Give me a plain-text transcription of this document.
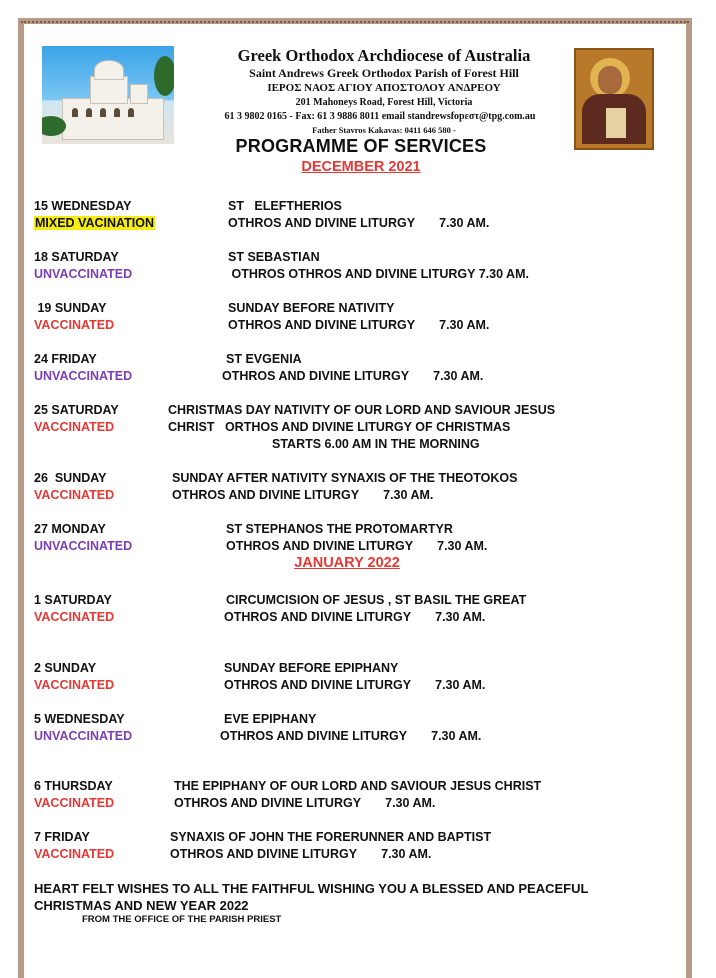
Greek Orthodox Archdiocese of Australia
Saint Andrews Greek Orthodox Parish of Forest Hill
ΙΕΡΟΣ ΝΑΟΣ ΑΓΙΟΥ ΑΠΟΣΤΟΛΟΥ ΑΝΔΡΕΟΥ
201 Mahoneys Road, Forest Hill, Victoria
61 3 9802 0165 - Fax: 61 3 9886 8011 email standrewsfopεστ@tpg.com.au
Father Stavros Kakavas: 0411 646 580 -
PROGRAMME OF SERVICES
DECEMBER 2021
15 WEDNESDAY
MIXED VACINATION
ST   ELEFTHERIOS
OTHROS AND DIVINE LITURGY       7.30 AM.
18 SATURDAY
UNVACCINATED
ST SEBASTIAN
OTHROS OTHROS AND DIVINE LITURGY 7.30 AM.
19 SUNDAY
VACCINATED
SUNDAY BEFORE NATIVITY
OTHROS AND DIVINE LITURGY       7.30 AM.
24 FRIDAY
UNVACCINATED
ST EVGENIA
OTHROS AND DIVINE LITURGY       7.30 AM.
25 SATURDAY
VACCINATED
CHRISTMAS DAY NATIVITY OF OUR LORD AND SAVIOUR JESUS
CHRIST   ORTHOS AND DIVINE LITURGY OF CHRISTMAS
STARTS 6.00 AM IN THE MORNING
26  SUNDAY
VACCINATED
SUNDAY AFTER NATIVITY SYNAXIS OF THE THEOTOKOS
OTHROS AND DIVINE LITURGY       7.30 AM.
27 MONDAY
UNVACCINATED
ST STEPHANOS THE PROTOMARTYR
OTHROS AND DIVINE LITURGY       7.30 AM.
JANUARY 2022
1 SATURDAY
VACCINATED
CIRCUMCISION OF JESUS , ST BASIL THE GREAT
OTHROS AND DIVINE LITURGY       7.30 AM.
2 SUNDAY
VACCINATED
SUNDAY BEFORE EPIPHANY
OTHROS AND DIVINE LITURGY       7.30 AM.
5 WEDNESDAY
UNVACCINATED
EVE EPIPHANY
OTHROS AND DIVINE LITURGY       7.30 AM.
6 THURSDAY
VACCINATED
THE EPIPHANY OF OUR LORD AND SAVIOUR JESUS CHRIST
OTHROS AND DIVINE LITURGY       7.30 AM.
7 FRIDAY
VACCINATED
SYNAXIS OF JOHN THE FORERUNNER AND BAPTIST
OTHROS AND DIVINE LITURGY       7.30 AM.
HEART FELT WISHES TO ALL THE FAITHFUL WISHING YOU A BLESSED AND PEACEFUL CHRISTMAS AND NEW YEAR 2022
FROM THE OFFICE OF THE PARISH PRIEST
